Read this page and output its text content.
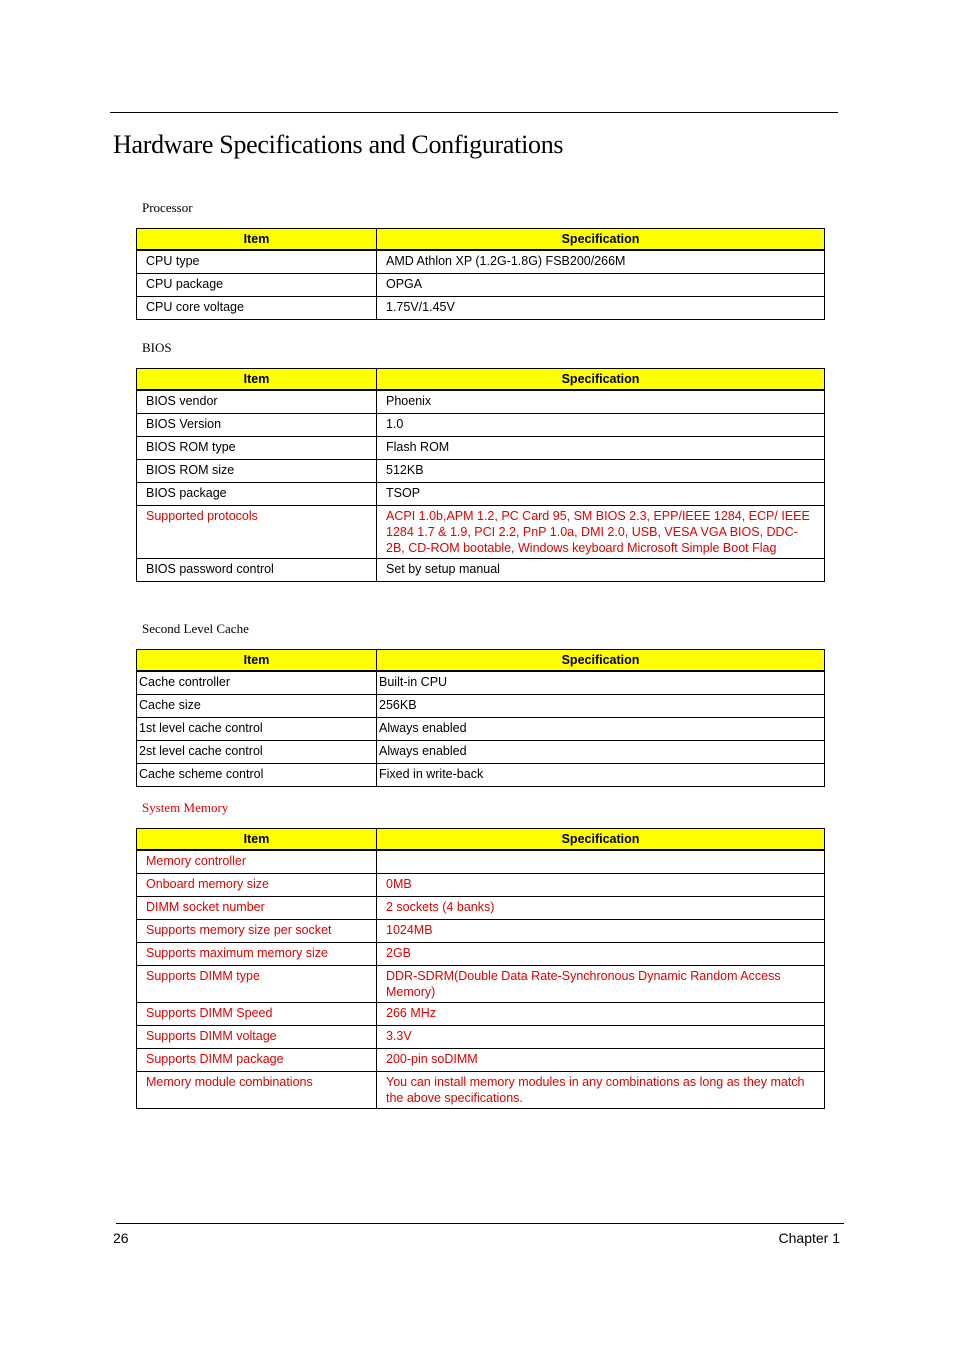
Hardware Specifications and Configurations
Processor
Item	Specification
CPU type	AMD Athlon XP (1.2G-1.8G) FSB200/266M
CPU package	OPGA
CPU core voltage	1.75V/1.45V
BIOS
Item	Specification
BIOS vendor	Phoenix
BIOS Version	1.0
BIOS ROM type	Flash ROM
BIOS ROM size	512KB
BIOS package	TSOP
Supported protocols	ACPI 1.0b,APM 1.2, PC Card 95, SM BIOS 2.3, EPP/IEEE 1284, ECP/ IEEE 1284 1.7 & 1.9, PCI 2.2, PnP 1.0a, DMI 2.0, USB, VESA VGA BIOS, DDC-2B, CD-ROM bootable, Windows keyboard Microsoft Simple Boot Flag
BIOS password control	Set by setup manual
Second Level Cache
Item	Specification
Cache controller	Built-in CPU
Cache size	256KB
1st level cache control	Always enabled
2st level cache control	Always enabled
Cache scheme control	Fixed in write-back
System Memory
Item	Specification
Memory controller	
Onboard memory size	0MB
DIMM socket number	2 sockets (4 banks)
Supports memory size per socket	1024MB
Supports maximum memory size	2GB
Supports DIMM type	DDR-SDRM(Double Data Rate-Synchronous Dynamic Random Access Memory)
Supports DIMM Speed	266 MHz
Supports DIMM voltage	3.3V
Supports DIMM package	200-pin soDIMM
Memory module combinations	You can install memory modules in any combinations as long as they match the above specifications.
26	Chapter 1
